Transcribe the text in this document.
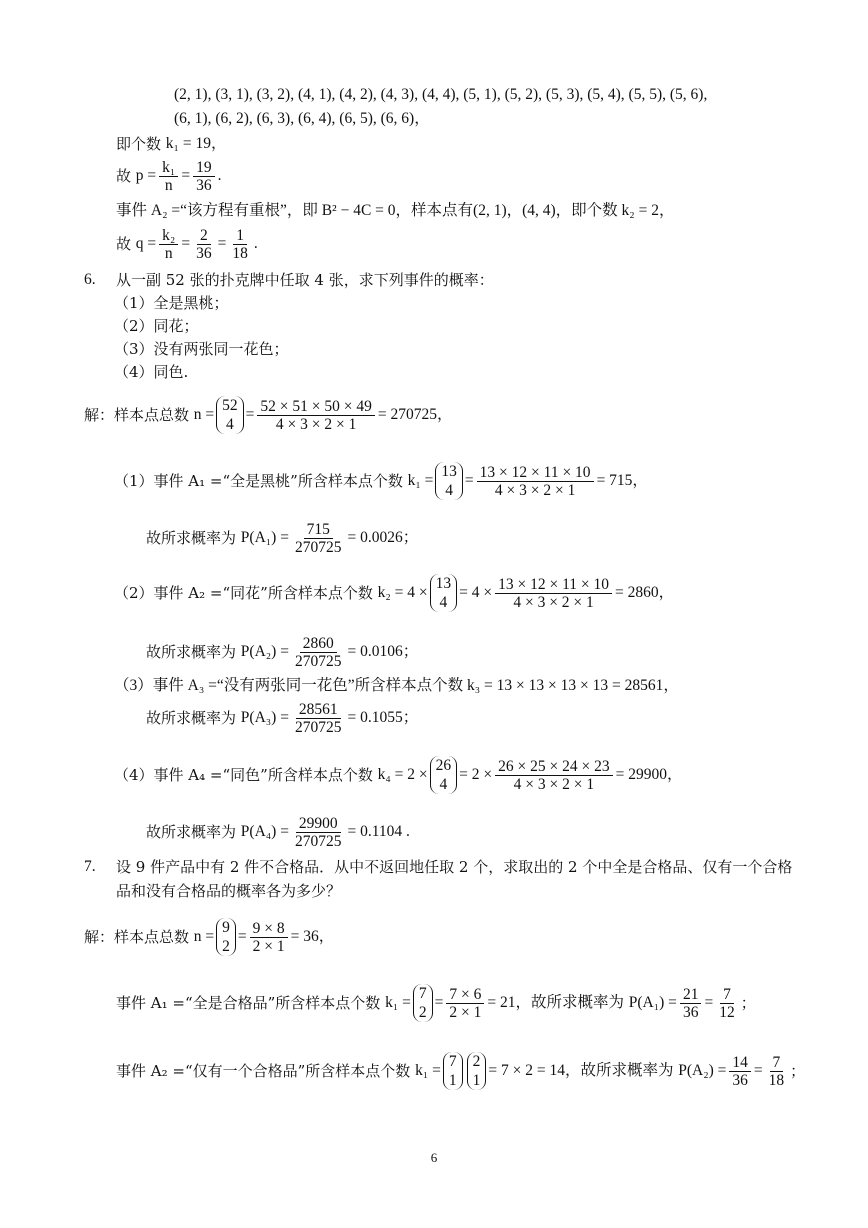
(2, 1), (3, 1), (3, 2), (4, 1), (4, 2), (4, 3), (4, 4), (5, 1), (5, 2), (5, 3), (5, 4), (5, 5), (5, 6),
(6, 1), (6, 2), (6, 3), (6, 4), (6, 5), (6, 6)，
即个数
k₁ = 19，
故
$p = \frac{\text{k₁}}{n} = \frac{19}{36}$ .
事件 A₂ =“该方程有重根”，即 B² − 4C = 0，样本点有(2, 1)，(4, 4)，即个数 k₂ = 2，
故
$q = \frac{\text{k₂}}{n} = \frac{2}{36} = \frac{1}{18}$ .
6.	从一副 52 张的扑克牌中任取 4 张，求下列事件的概率：
（1）全是黑桃；
（2）同花；
（3）没有两张同一花色；
（4）同色.
解：样本点总数
n =
52
4
= $\frac{52 \times 51 \times 50 \times 49}{4 \times 3 \times 2 \times 1} = 270725$，
（1）事件 A₁ =“全是黑桃”所含样本点个数
k₁ =
13
4
= $\frac{13 \times 12 \times 11 \times 10}{4 \times 3 \times 2 \times 1} = 715$，
故所求概率为
$P(A_1) = \frac{715}{270725} = 0.0026$；
（2）事件 A₂ =“同花”所含样本点个数
k₂ = 4 ×
13
4
= $4 \times \frac{13 \times 12 \times 11 \times 10}{4 \times 3 \times 2 \times 1} = 2860$，
故所求概率为
$P(A_2) = \frac{2860}{270725} = 0.0106$；
（3）事件 A₃ =“没有两张同一花色”所含样本点个数 k₃ = 13 × 13 × 13 × 13 = 28561，
故所求概率为
$P(A_3) = \frac{28561}{270725} = 0.1055$；
（4）事件 A₄ =“同色”所含样本点个数
k₄ = 2 ×
26
4
= $2 \times \frac{26 \times 25 \times 24 \times 23}{4 \times 3 \times 2 \times 1} = 29900$，
故所求概率为
$P(A_4) = \frac{29900}{270725} = 0.1104$ .
7.	设 9 件产品中有 2 件不合格品．从中不返回地任取 2 个，求取出的 2 个中全是合格品、仅有一个合格
品和没有合格品的概率各为多少？
解：样本点总数
n =
9
2
= $\frac{9 \times 8}{2 \times 1} = 36$，
事件 A₁ =“全是合格品”所含样本点个数
k₁ =
7
2
= $\frac{7 \times 6}{2 \times 1} = 21$，故所求概率为
$P(A_1) = \frac{21}{36} = \frac{7}{12}$ ；
事件 A₂ =“仅有一个合格品”所含样本点个数
k₁ =
7
1
2
1
= 7 × 2 = 14，故所求概率为
$P(A_2) = \frac{14}{36} = \frac{7}{18}$ ；
6
